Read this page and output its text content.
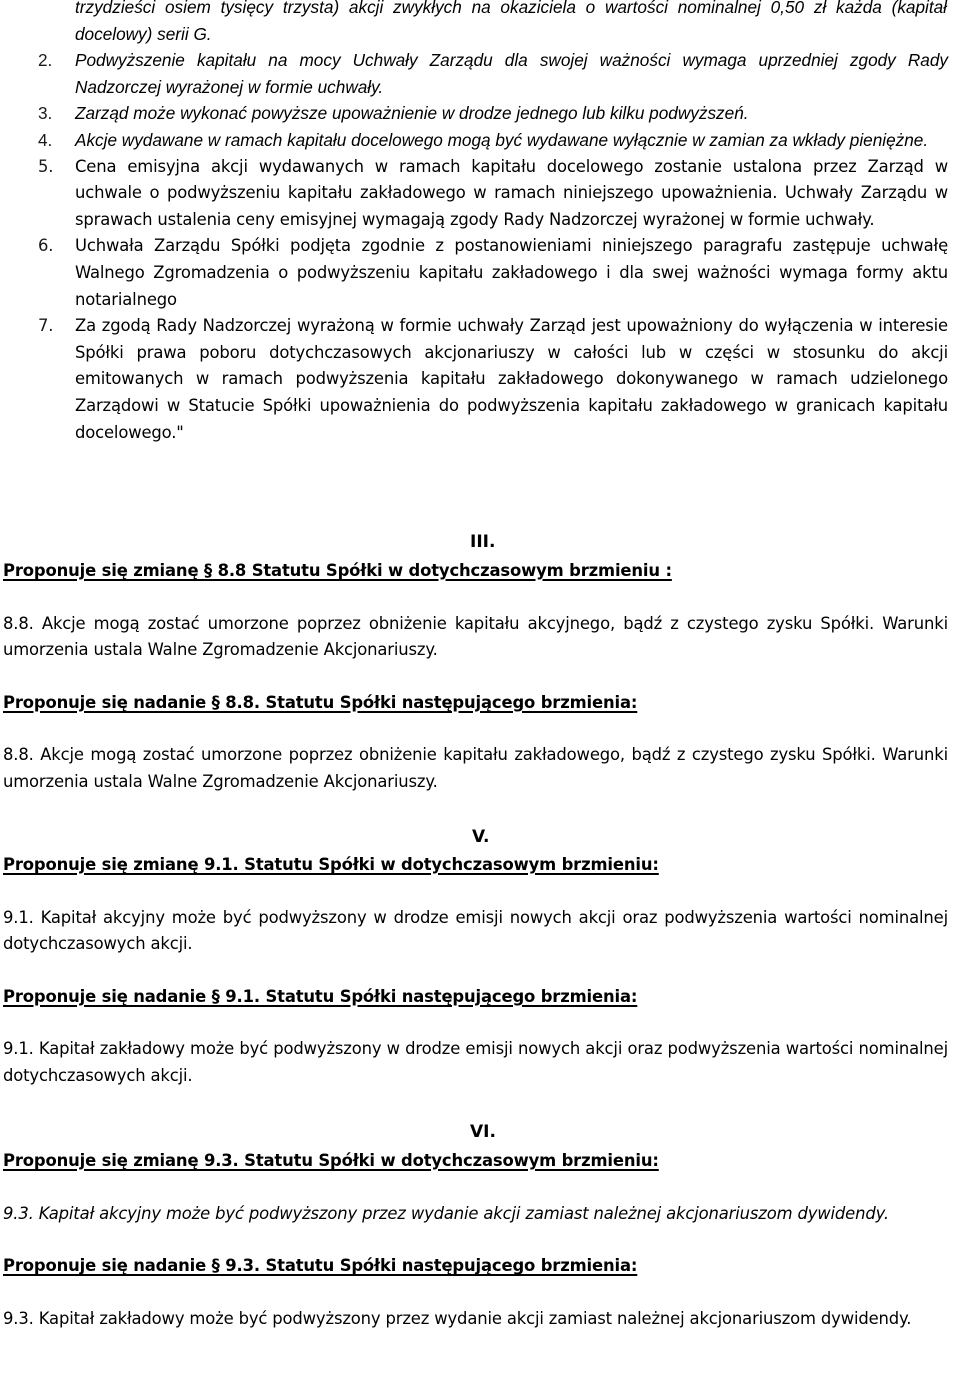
trzydzieści osiem tysięcy trzysta) akcji zwykłych na okaziciela o wartości nominalnej 0,50 zł każda (kapitał docelowy) serii G.
2. Podwyższenie kapitału na mocy Uchwały Zarządu dla swojej ważności wymaga uprzedniej zgody Rady Nadzorczej wyrażonej w formie uchwały.
3. Zarząd może wykonać powyższe upoważnienie w drodze jednego lub kilku podwyższeń.
4. Akcje wydawane w ramach kapitału docelowego mogą być wydawane wyłącznie w zamian za wkłady pieniężne.
5. Cena emisyjna akcji wydawanych w ramach kapitału docelowego zostanie ustalona przez Zarząd w uchwale o podwyższeniu kapitału zakładowego w ramach niniejszego upoważnienia. Uchwały Zarządu w sprawach ustalenia ceny emisyjnej wymagają zgody Rady Nadzorczej wyrażonej w formie uchwały.
6. Uchwała Zarządu Spółki podjęta zgodnie z postanowieniami niniejszego paragrafu zastępuje uchwałę Walnego Zgromadzenia o podwyższeniu kapitału zakładowego i dla swej ważności wymaga formy aktu notarialnego
7. Za zgodą Rady Nadzorczej wyrażoną w formie uchwały Zarząd jest upoważniony do wyłączenia w interesie Spółki prawa poboru dotychczasowych akcjonariuszy w całości lub w części w stosunku do akcji emitowanych w ramach podwyższenia kapitału zakładowego dokonywanego w ramach udzielonego Zarządowi w Statucie Spółki upoważnienia do podwyższenia kapitału zakładowego w granicach kapitału docelowego."
III.
Proponuje się zmianę § 8.8 Statutu Spółki w dotychczasowym brzmieniu :
8.8. Akcje mogą zostać umorzone poprzez obniżenie kapitału akcyjnego, bądź z czystego zysku Spółki. Warunki umorzenia ustala Walne Zgromadzenie Akcjonariuszy.
Proponuje się nadanie § 8.8. Statutu Spółki następującego brzmienia:
8.8. Akcje mogą zostać umorzone poprzez obniżenie kapitału zakładowego, bądź z czystego zysku Spółki. Warunki umorzenia ustala Walne Zgromadzenie Akcjonariuszy.
V.
Proponuje się zmianę 9.1. Statutu Spółki w dotychczasowym brzmieniu:
9.1. Kapitał akcyjny może być podwyższony w drodze emisji nowych akcji oraz podwyższenia wartości nominalnej dotychczasowych akcji.
Proponuje się nadanie § 9.1. Statutu Spółki następującego brzmienia:
9.1. Kapitał zakładowy może być podwyższony w drodze emisji nowych akcji oraz podwyższenia wartości nominalnej dotychczasowych akcji.
VI.
Proponuje się zmianę 9.3. Statutu Spółki w dotychczasowym brzmieniu:
9.3. Kapitał akcyjny może być podwyższony przez wydanie akcji zamiast należnej akcjonariuszom dywidendy.
Proponuje się nadanie § 9.3. Statutu Spółki następującego brzmienia:
9.3. Kapitał zakładowy może być podwyższony przez wydanie akcji zamiast należnej akcjonariuszom dywidendy.
